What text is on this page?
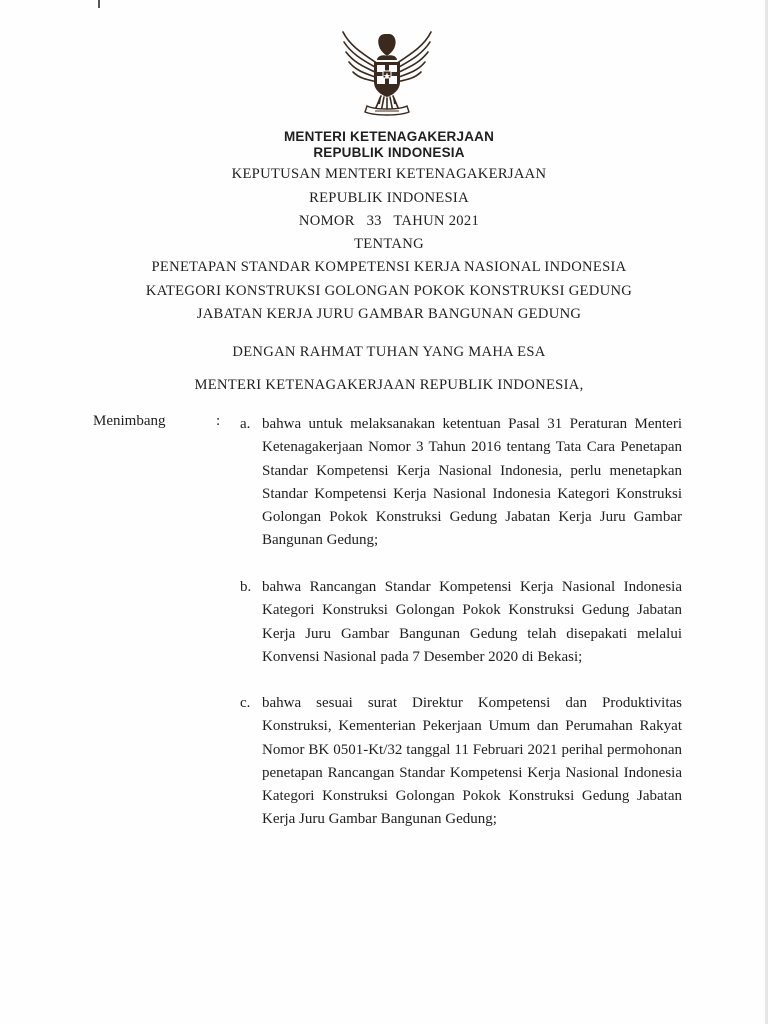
MENTERI KETENAGAKERJAAN
REPUBLIK INDONESIA
KEPUTUSAN MENTERI KETENAGAKERJAAN
REPUBLIK INDONESIA
NOMOR   33   TAHUN 2021
TENTANG
PENETAPAN STANDAR KOMPETENSI KERJA NASIONAL INDONESIA
KATEGORI KONSTRUKSI GOLONGAN POKOK KONSTRUKSI GEDUNG
JABATAN KERJA JURU GAMBAR BANGUNAN GEDUNG
DENGAN RAHMAT TUHAN YANG MAHA ESA
MENTERI KETENAGAKERJAAN REPUBLIK INDONESIA,
Menimbang	: a. bahwa untuk melaksanakan ketentuan Pasal 31 Peraturan Menteri Ketenagakerjaan Nomor 3 Tahun 2016 tentang Tata Cara Penetapan Standar Kompetensi Kerja Nasional Indonesia, perlu menetapkan Standar Kompetensi Kerja Nasional Indonesia Kategori Konstruksi Golongan Pokok Konstruksi Gedung Jabatan Kerja Juru Gambar Bangunan Gedung;
b. bahwa Rancangan Standar Kompetensi Kerja Nasional Indonesia Kategori Konstruksi Golongan Pokok Konstruksi Gedung Jabatan Kerja Juru Gambar Bangunan Gedung telah disepakati melalui Konvensi Nasional pada 7 Desember 2020 di Bekasi;
c. bahwa sesuai surat Direktur Kompetensi dan Produktivitas Konstruksi, Kementerian Pekerjaan Umum dan Perumahan Rakyat Nomor BK 0501-Kt/32 tanggal 11 Februari 2021 perihal permohonan penetapan Rancangan Standar Kompetensi Kerja Nasional Indonesia Kategori Konstruksi Golongan Pokok Konstruksi Gedung Jabatan Kerja Juru Gambar Bangunan Gedung;
